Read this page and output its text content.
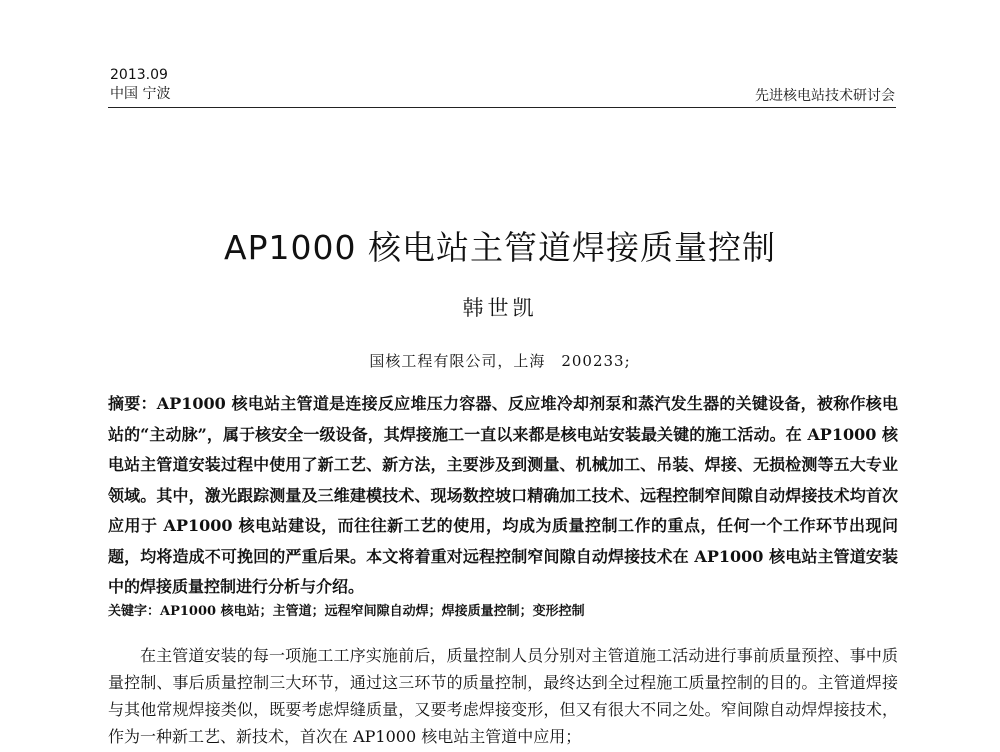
2013.09
中国 宁波	先进核电站技术研讨会
AP1000 核电站主管道焊接质量控制
韩世凯
国核工程有限公司，上海　200233;
摘要：AP1000 核电站主管道是连接反应堆压力容器、反应堆冷却剂泵和蒸汽发生器的关键设备，被称作核电站的“主动脉”，属于核安全一级设备，其焊接施工一直以来都是核电站安装最关键的施工活动。在 AP1000 核电站主管道安装过程中使用了新工艺、新方法，主要涉及到测量、机械加工、吊装、焊接、无损检测等五大专业领域。其中，激光跟踪测量及三维建模技术、现场数控坡口精确加工技术、远程控制窄间隙自动焊接技术均首次应用于 AP1000 核电站建设，而往往新工艺的使用，均成为质量控制工作的重点，任何一个工作环节出现问题，均将造成不可挽回的严重后果。本文将着重对远程控制窄间隙自动焊接技术在 AP1000 核电站主管道安装中的焊接质量控制进行分析与介绍。
关键字：AP1000 核电站；主管道；远程窄间隙自动焊；焊接质量控制；变形控制

在主管道安装的每一项施工工序实施前后，质量控制人员分别对主管道施工活动进行事前质量预控、事中质量控制、事后质量控制三大环节，通过这三环节的质量控制，最终达到全过程施工质量控制的目的。主管道焊接与其他常规焊接类似，既要考虑焊缝质量，又要考虑焊接变形，但又有很大不同之处。窄间隙自动焊焊接技术，作为一种新工艺、新技术，首次在 AP1000 核电站主管道中应用；
